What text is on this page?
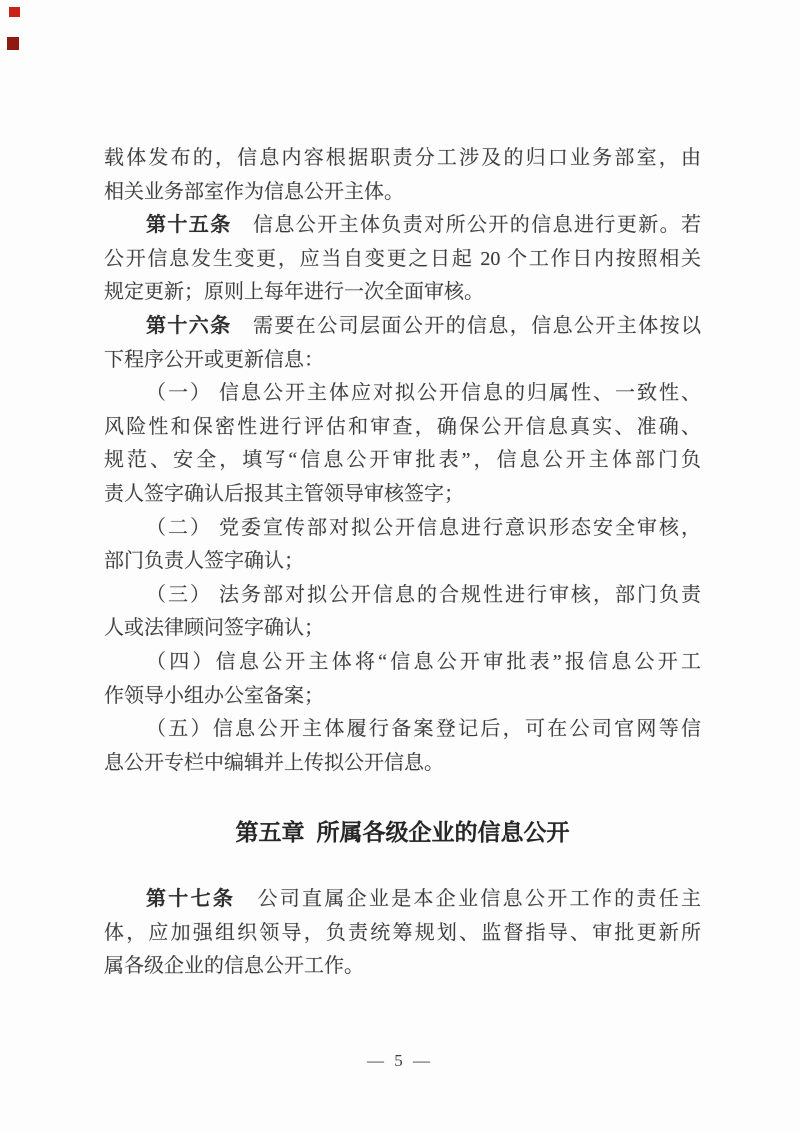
载体发布的，信息内容根据职责分工涉及的归口业务部室，由
相关业务部室作为信息公开主体。
第十五条　信息公开主体负责对所公开的信息进行更新。若
公开信息发生变更，应当自变更之日起 20 个工作日内按照相关
规定更新；原则上每年进行一次全面审核。
第十六条　需要在公司层面公开的信息，信息公开主体按以
下程序公开或更新信息：
（一） 信息公开主体应对拟公开信息的归属性、一致性、
风险性和保密性进行评估和审查，确保公开信息真实、准确、
规范、安全，填写“信息公开审批表”，信息公开主体部门负
责人签字确认后报其主管领导审核签字；
（二） 党委宣传部对拟公开信息进行意识形态安全审核，
部门负责人签字确认；
（三） 法务部对拟公开信息的合规性进行审核，部门负责
人或法律顾问签字确认；
（四）信息公开主体将“信息公开审批表”报信息公开工
作领导小组办公室备案；
（五）信息公开主体履行备案登记后，可在公司官网等信
息公开专栏中编辑并上传拟公开信息。
第五章 所属各级企业的信息公开
第十七条　公司直属企业是本企业信息公开工作的责任主
体，应加强组织领导，负责统筹规划、监督指导、审批更新所
属各级企业的信息公开工作。
— 5 —
